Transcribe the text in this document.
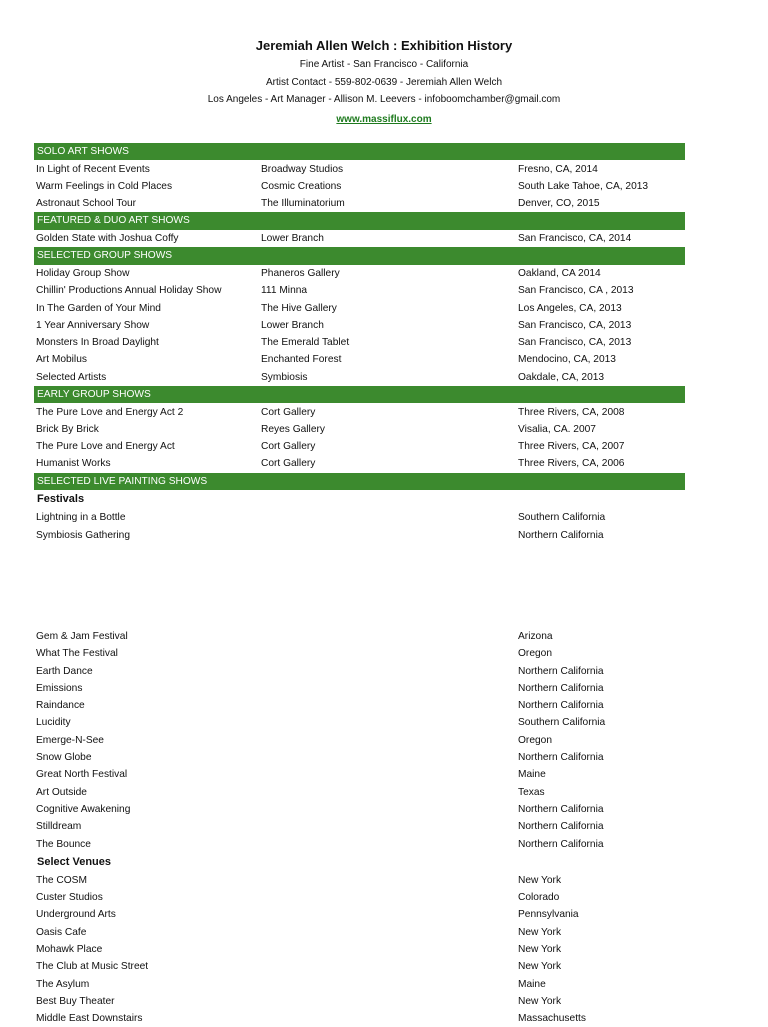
Jeremiah Allen Welch : Exhibition History
Fine Artist - San Francisco - California
Artist Contact - 559-802-0639 - Jeremiah Allen Welch
Los Angeles - Art Manager - Allison M. Leevers - infoboomchamber@gmail.com
www.massiflux.com
SOLO ART SHOWS
In Light of Recent Events	Broadway Studios	Fresno, CA, 2014
Warm Feelings in Cold Places	Cosmic Creations	South Lake Tahoe, CA, 2013
Astronaut School Tour	The Illuminatorium	Denver, CO, 2015
FEATURED & DUO ART SHOWS
Golden State with Joshua Coffy	Lower Branch	San Francisco, CA, 2014
SELECTED GROUP SHOWS
Holiday Group Show	Phaneros Gallery	Oakland, CA 2014
Chillin' Productions Annual Holiday Show	111 Minna	San Francisco, CA , 2013
In The Garden of Your Mind	The Hive Gallery	Los Angeles, CA, 2013
1 Year Anniversary Show	Lower Branch	San Francisco, CA, 2013
Monsters In Broad Daylight	The Emerald Tablet	San Francisco, CA, 2013
Art Mobilus	Enchanted Forest	Mendocino, CA, 2013
Selected Artists	Symbiosis	Oakdale, CA, 2013
EARLY GROUP SHOWS
The Pure Love and Energy Act 2	Cort Gallery	Three Rivers, CA, 2008
Brick By Brick	Reyes Gallery	Visalia, CA. 2007
The Pure Love and Energy Act	Cort Gallery	Three Rivers, CA, 2007
Humanist Works	Cort Gallery	Three Rivers, CA, 2006
SELECTED LIVE PAINTING SHOWS
Festivals
Lightning in a Bottle	Southern California
Symbiosis Gathering	Northern California
Gem & Jam Festival	Arizona
What The Festival	Oregon
Earth Dance	Northern California
Emissions	Northern California
Raindance	Northern California
Lucidity	Southern California
Emerge-N-See	Oregon
Snow Globe	Northern California
Great North Festival	Maine
Art Outside	Texas
Cognitive Awakening	Northern California
Stilldream	Northern California
The Bounce	Northern California
Select Venues
The COSM	New York
Custer Studios	Colorado
Underground Arts	Pennsylvania
Oasis Cafe	New York
Mohawk Place	New York
The Club at Music Street	New York
The Asylum	Maine
Best Buy Theater	New York
Middle East Downstairs	Massachusetts
